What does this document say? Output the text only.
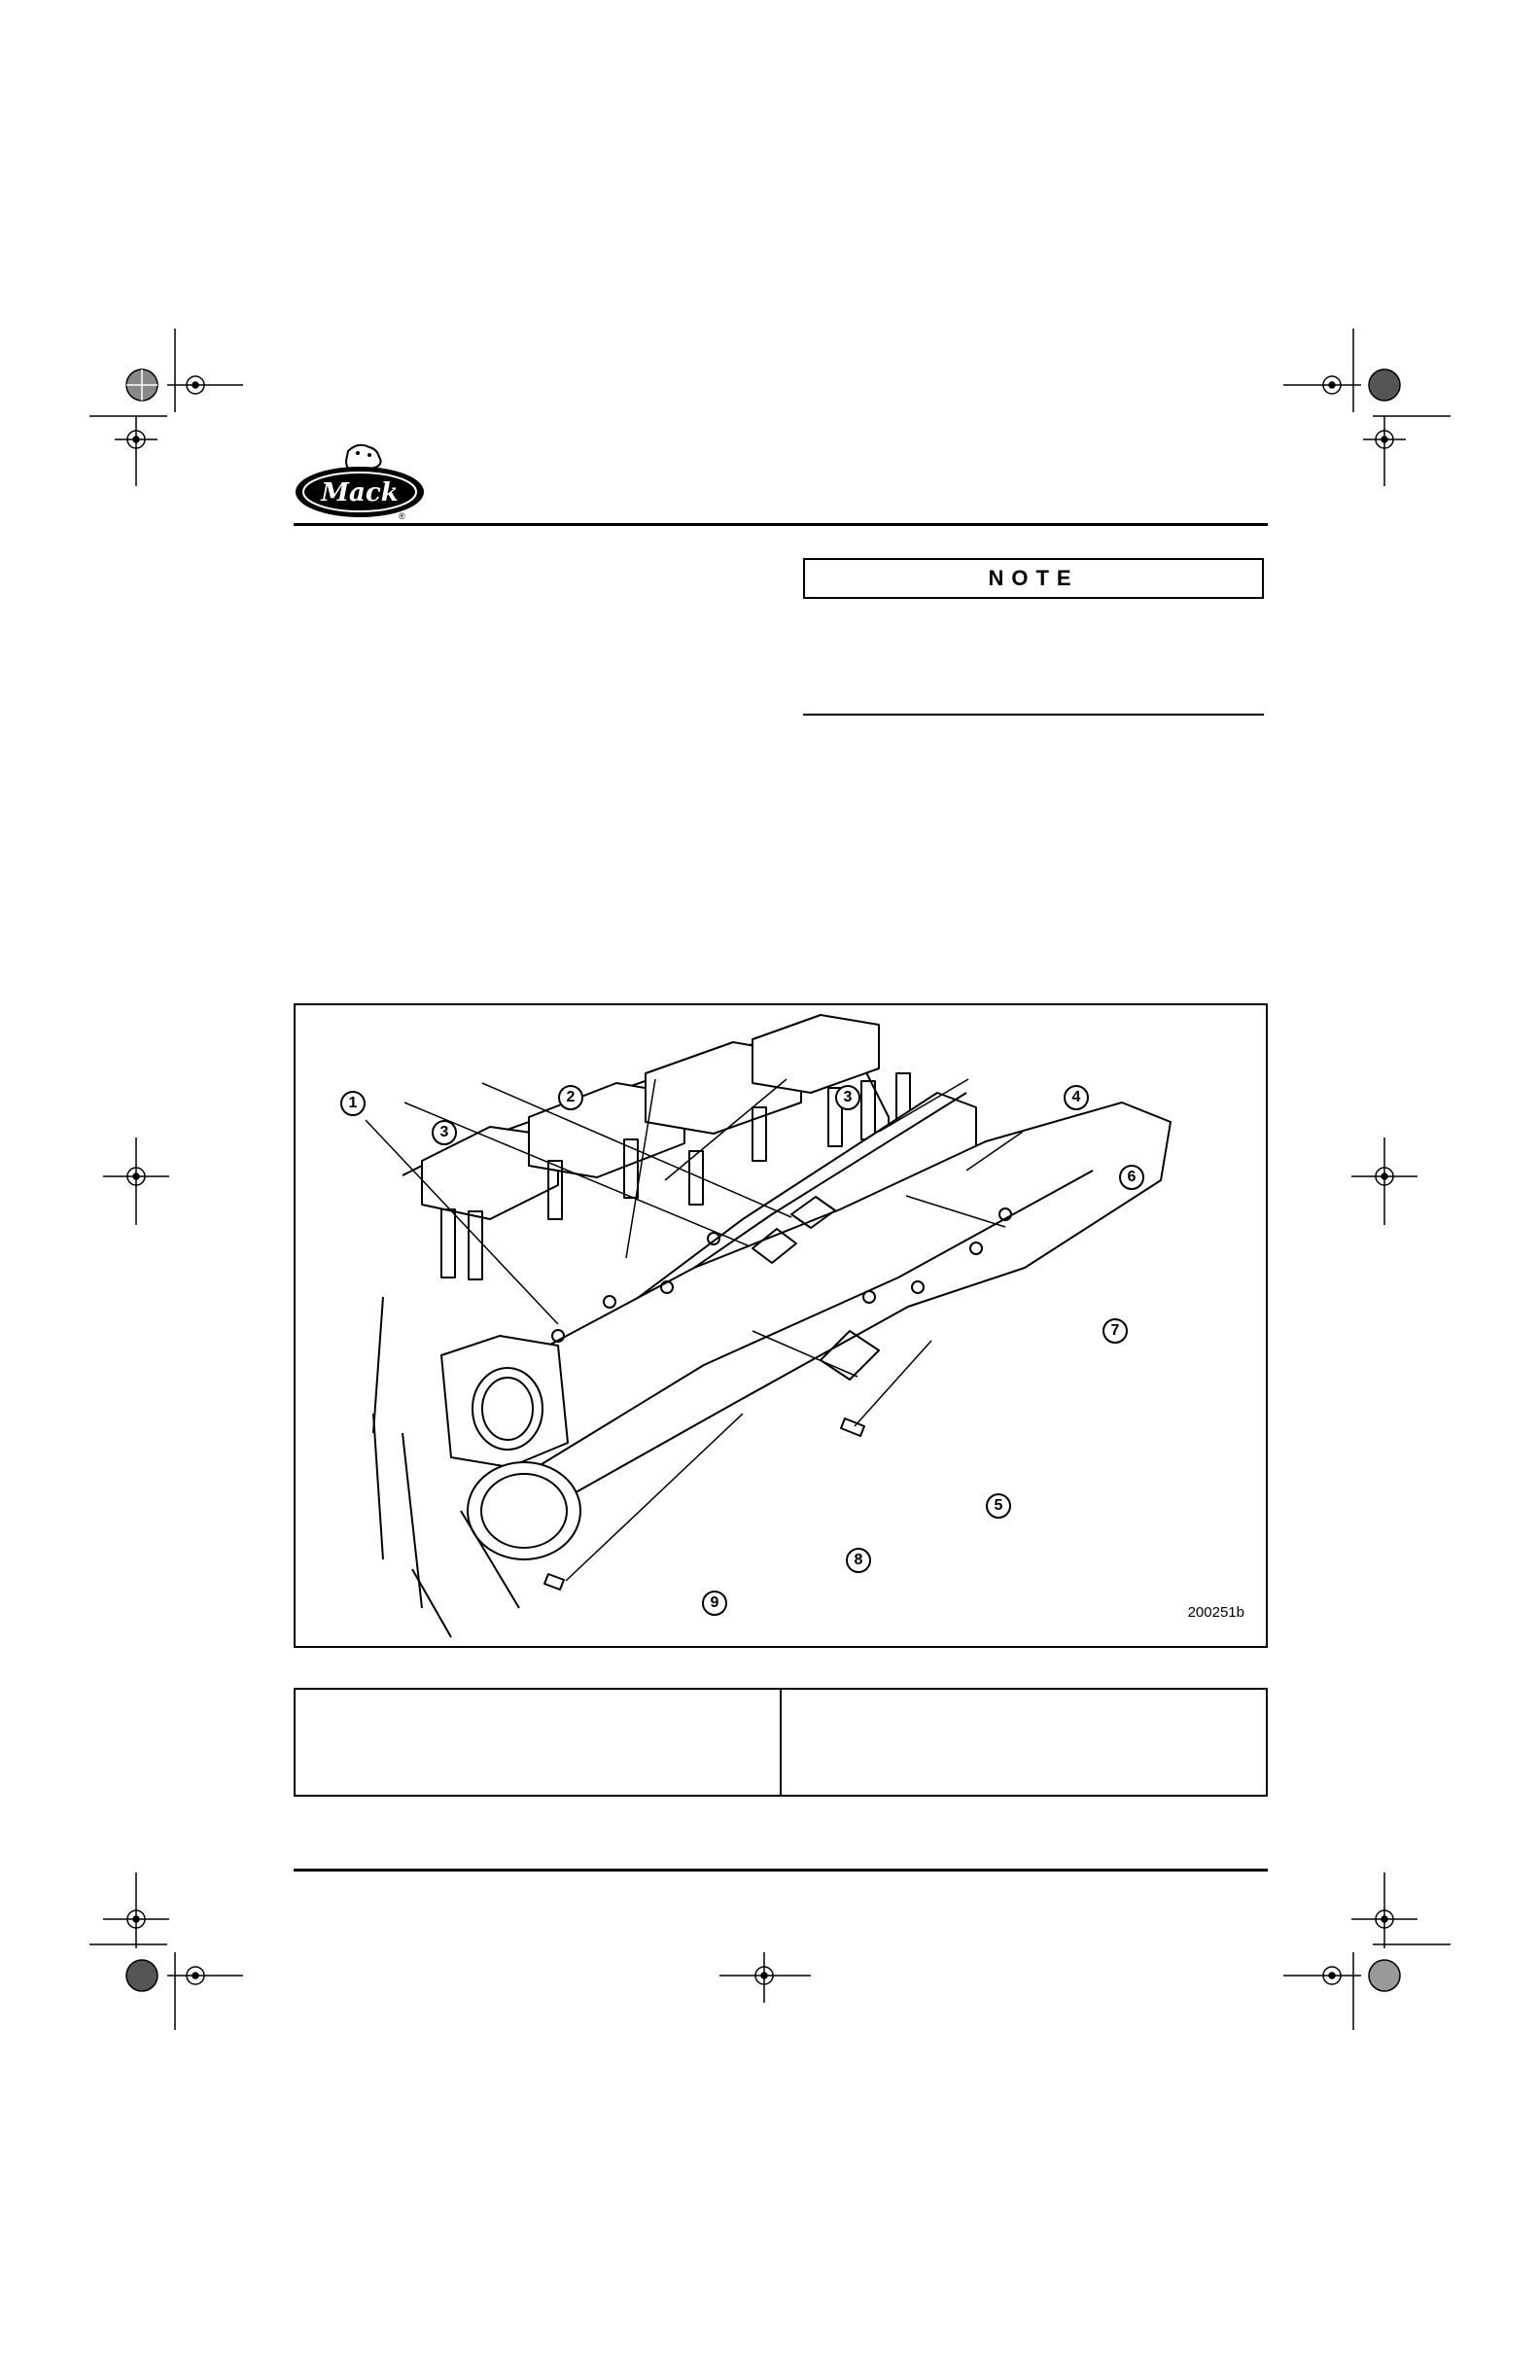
Mack
®
NOTE
1	2
3
3	4
6
7
5
8
9
200251b
